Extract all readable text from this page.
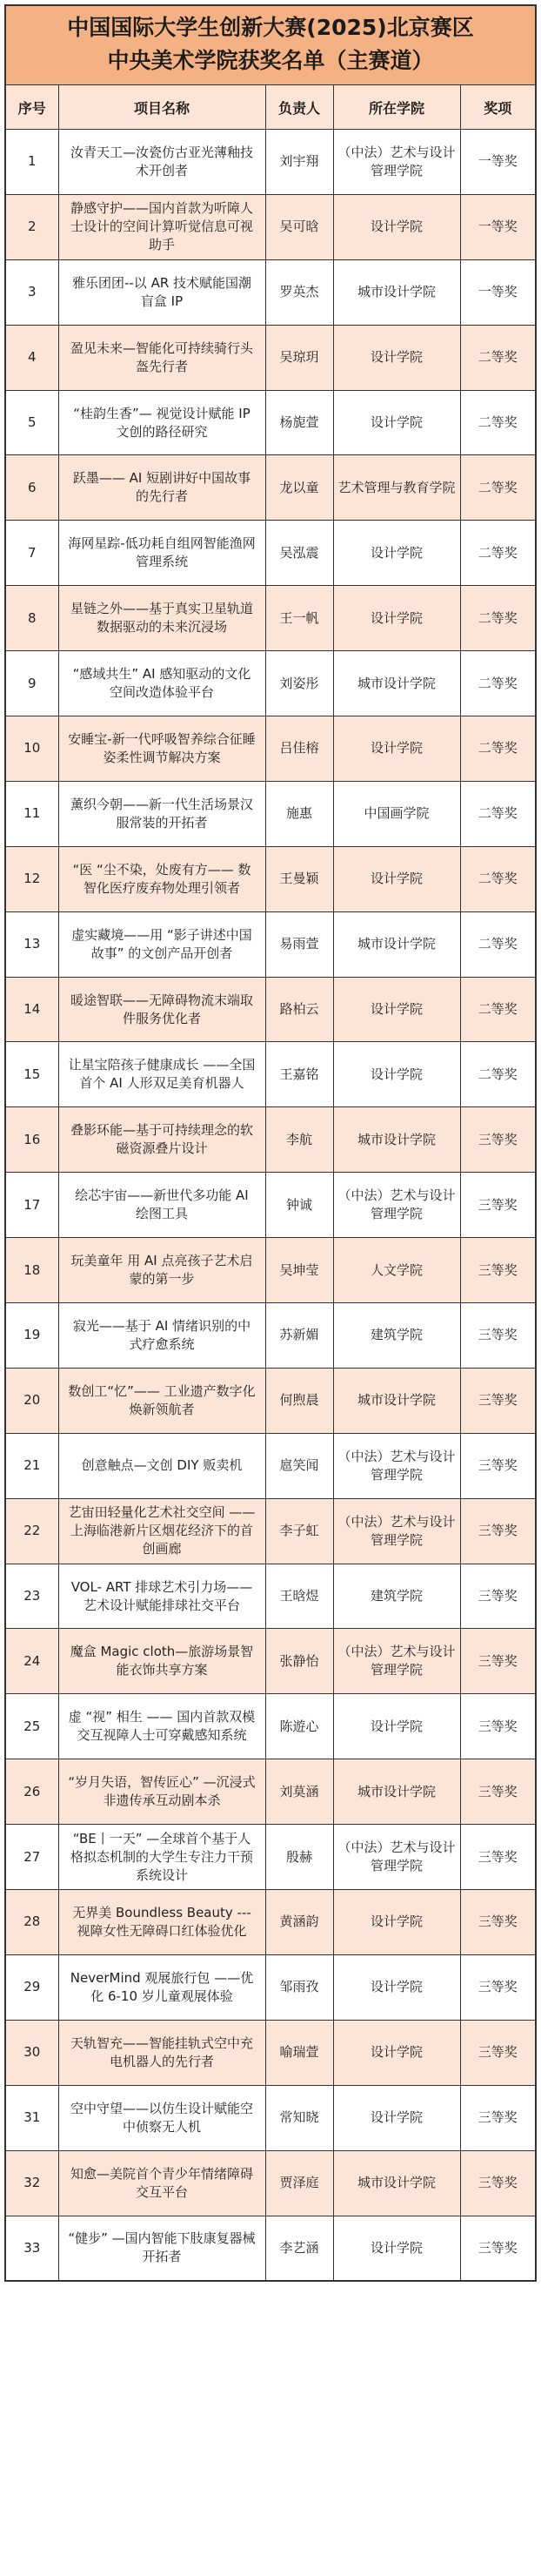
中国国际大学生创新大赛(2025)北京赛区
中央美术学院获奖名单（主赛道）
序号	项目名称	负责人	所在学院	奖项
1	汝青天工—汝瓷仿古亚光薄釉技术开创者	刘宇翔	（中法）艺术与设计管理学院	一等奖
2	静感守护——国内首款为听障人士设计的空间计算听觉信息可视助手	吴可晗	设计学院	一等奖
3	雅乐团团--以 AR 技术赋能国潮盲盒 IP	罗英杰	城市设计学院	一等奖
4	盈见未来—智能化可持续骑行头盔先行者	吴琼玥	设计学院	二等奖
5	“桂韵生香”— 视觉设计赋能 IP 文创的路径研究	杨旎萱	设计学院	二等奖
6	跃墨—— AI 短剧讲好中国故事的先行者	龙以童	艺术管理与教育学院	二等奖
7	海网星踪-低功耗自组网智能渔网管理系统	吴泓震	设计学院	二等奖
8	星链之外——基于真实卫星轨道数据驱动的未来沉浸场	王一帆	设计学院	二等奖
9	“感域共生” AI 感知驱动的文化空间改造体验平台	刘姿彤	城市设计学院	二等奖
10	安睡宝-新一代呼吸智养综合征睡姿柔性调节解决方案	吕佳榕	设计学院	二等奖
11	薰织今朝——新一代生活场景汉服常装的开拓者	施惠	中国画学院	二等奖
12	“医 “尘不染，处废有方—— 数智化医疗废弃物处理引领者	王曼颖	设计学院	二等奖
13	虚实藏境——用 “影子讲述中国故事” 的文创产品开创者	易雨萱	城市设计学院	二等奖
14	暖途智联——无障碍物流末端取件服务优化者	路柏云	设计学院	二等奖
15	让星宝陪孩子健康成长 ——全国首个 AI 人形双足美育机器人	王嘉铭	设计学院	二等奖
16	叠影环能—基于可持续理念的软磁资源叠片设计	李航	城市设计学院	三等奖
17	绘芯宇宙——新世代多功能 AI 绘图工具	钟诚	（中法）艺术与设计管理学院	三等奖
18	玩美童年 用 AI 点亮孩子艺术启蒙的第一步	吴坤莹	人文学院	三等奖
19	寂光——基于 AI 情绪识别的中式疗愈系统	苏新媚	建筑学院	三等奖
20	数创工“忆”—— 工业遗产数字化焕新领航者	何煦晨	城市设计学院	三等奖
21	创意触点—文创 DIY 贩卖机	扈笑闻	（中法）艺术与设计管理学院	三等奖
22	艺宙田轻量化艺术社交空间 ——上海临港新片区烟花经济下的首创画廊	李子虹	（中法）艺术与设计管理学院	三等奖
23	VOL- ART 排球艺术引力场——艺术设计赋能排球社交平台	王晗煜	建筑学院	三等奖
24	魔盒 Magic cloth—旅游场景智能衣饰共享方案	张静怡	（中法）艺术与设计管理学院	三等奖
25	虚 “视” 相生 —— 国内首款双模交互视障人士可穿戴感知系统	陈遊心	设计学院	三等奖
26	“岁月失语，智传匠心” —沉浸式非遗传承互动剧本杀	刘莫涵	城市设计学院	三等奖
27	“BE丨一天” —全球首个基于人格拟态机制的大学生专注力干预系统设计	殷赫	（中法）艺术与设计管理学院	三等奖
28	无界美 Boundless Beauty ---视障女性无障碍口红体验优化	黄涵韵	设计学院	三等奖
29	NeverMind 观展旅行包 ——优化 6-10 岁儿童观展体验	邹雨孜	设计学院	三等奖
30	天轨智充——智能挂轨式空中充电机器人的先行者	喻瑞萱	设计学院	三等奖
31	空中守望——以仿生设计赋能空中侦察无人机	常知晓	设计学院	三等奖
32	知愈—美院首个青少年情绪障碍交互平台	贾泽庭	城市设计学院	三等奖
33	“健步” —国内智能下肢康复器械开拓者	李艺涵	设计学院	三等奖
